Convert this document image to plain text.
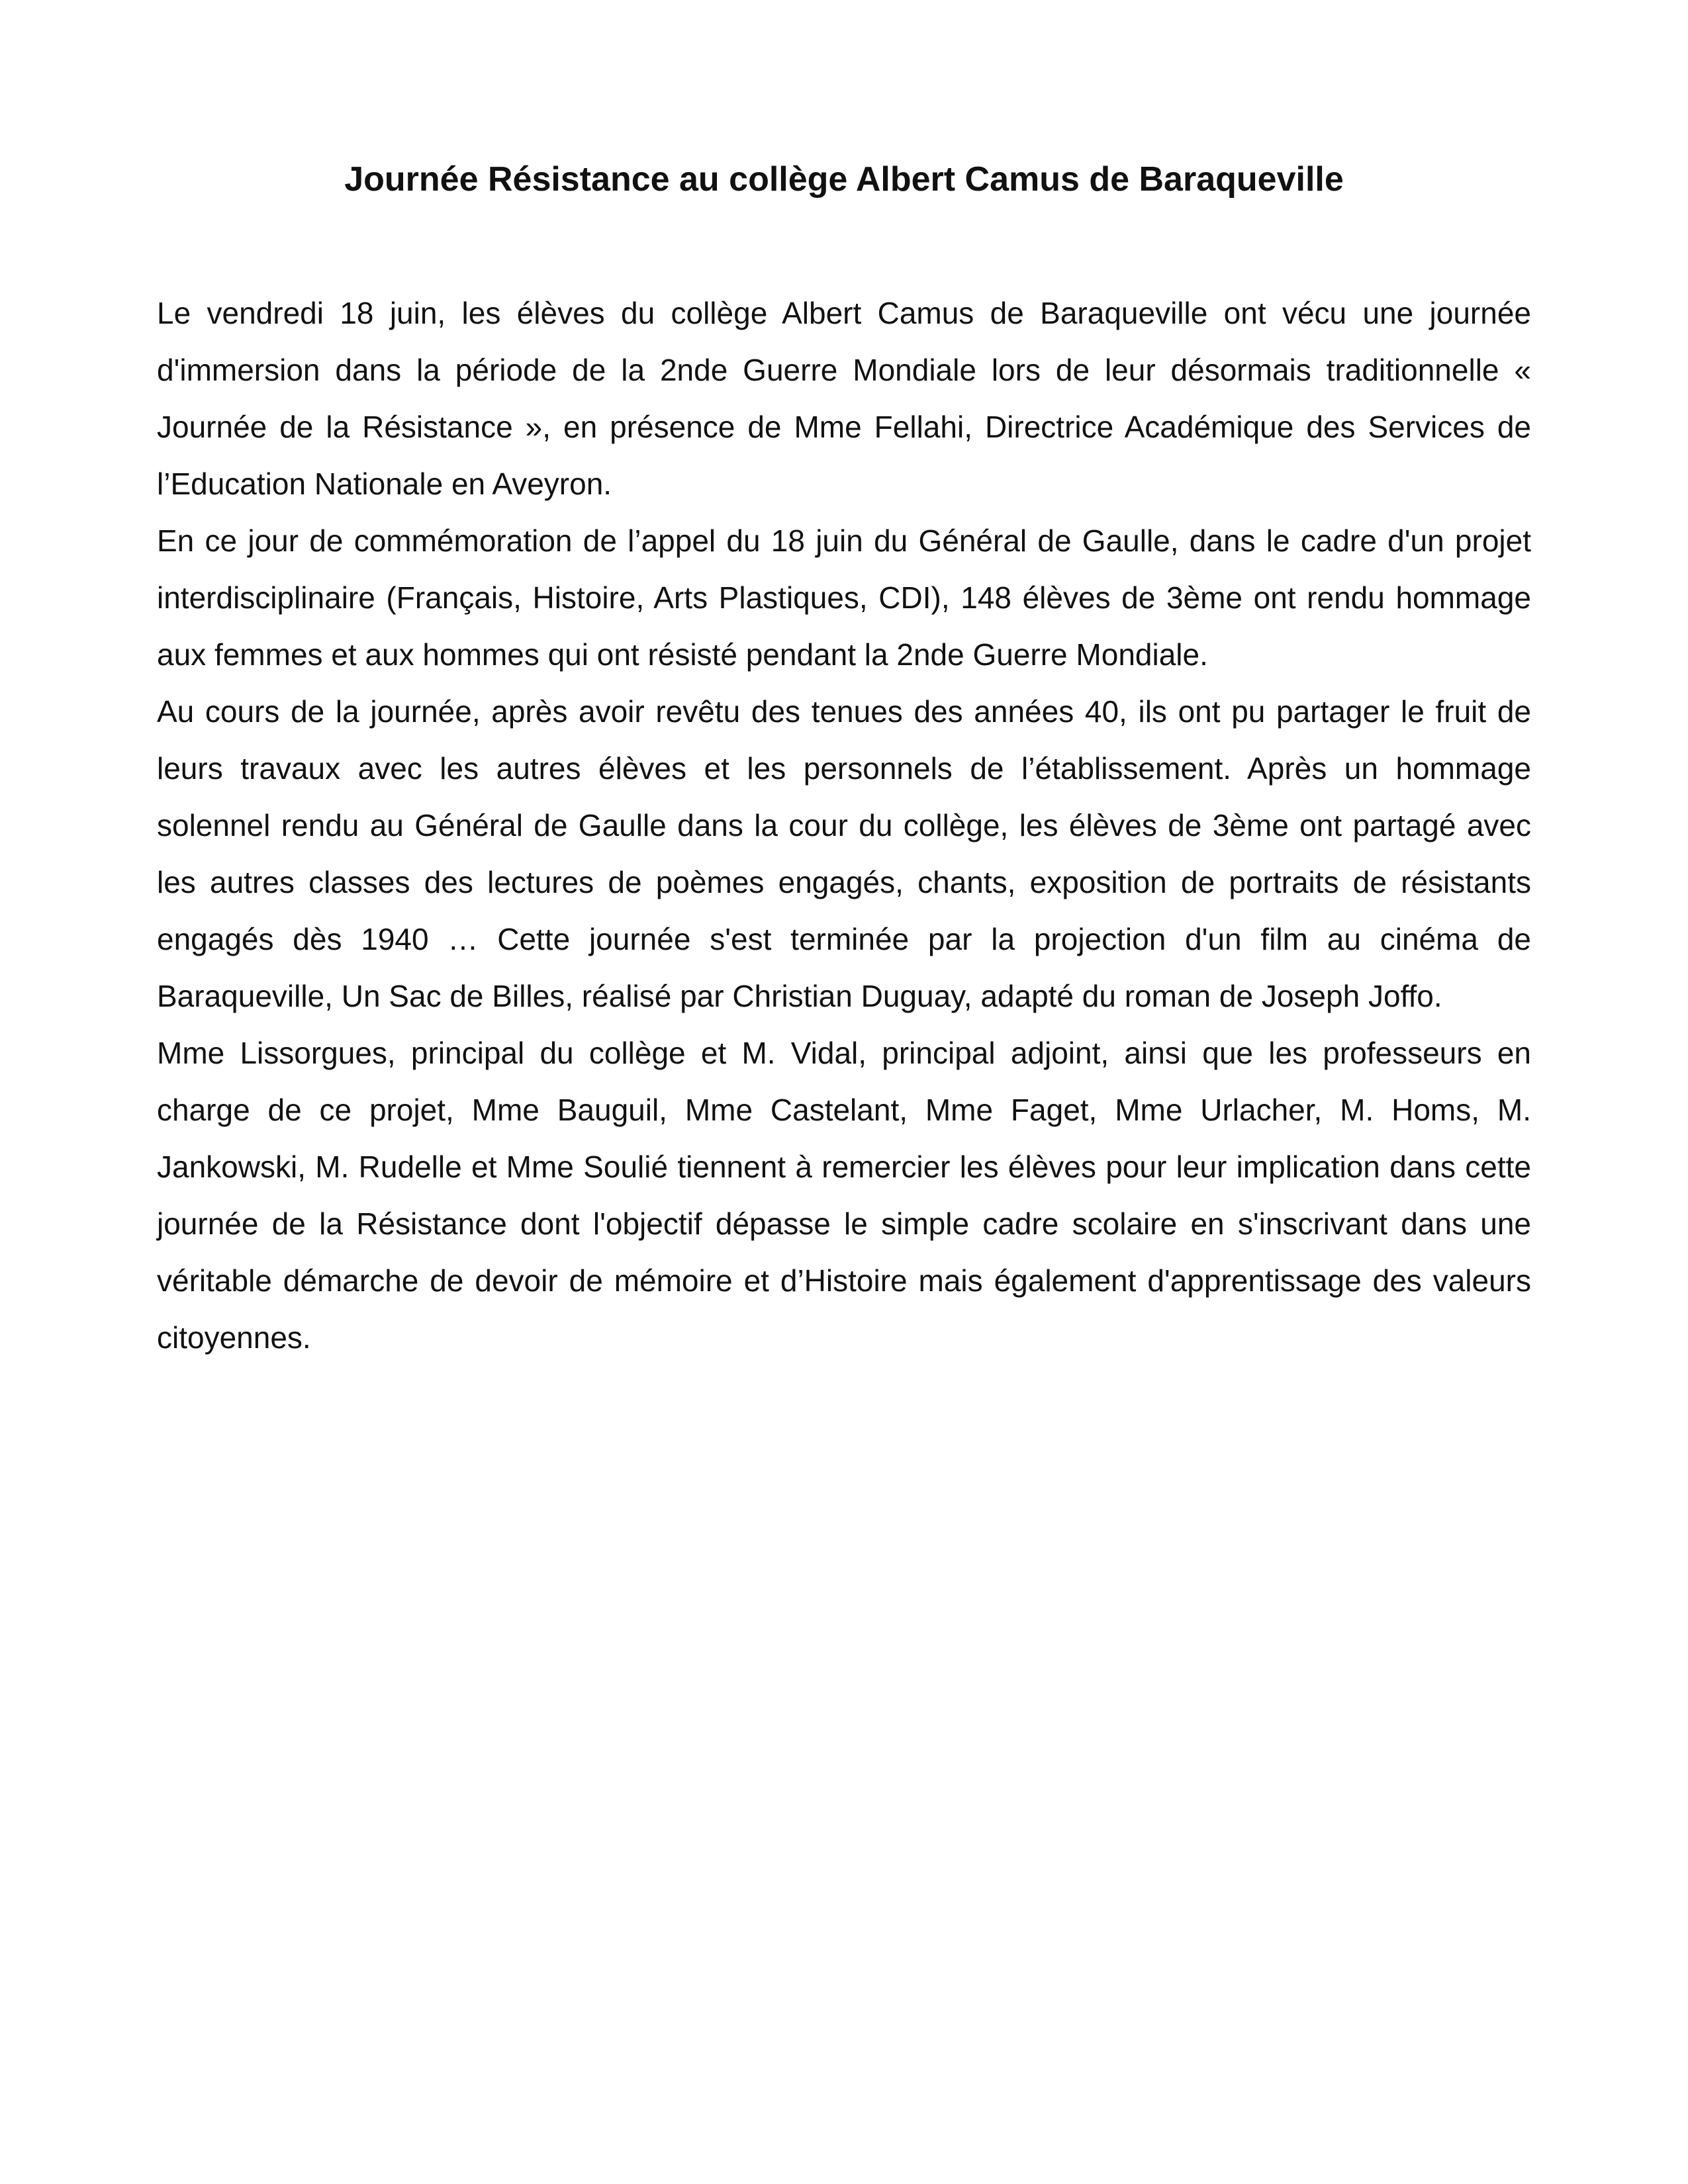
Journée Résistance au collège Albert Camus de Baraqueville

Le vendredi 18 juin, les élèves du collège Albert Camus de Baraqueville ont vécu une journée d'immersion dans la période de la 2nde Guerre Mondiale lors de leur désormais traditionnelle « Journée de la Résistance », en présence de Mme Fellahi, Directrice Académique des Services de l’Education Nationale en Aveyron.

En ce jour de commémoration de l’appel du 18 juin du Général de Gaulle, dans le cadre d'un projet interdisciplinaire (Français, Histoire, Arts Plastiques, CDI), 148 élèves de 3ème ont rendu hommage aux femmes et aux hommes qui ont résisté pendant la 2nde Guerre Mondiale.

Au cours de la journée, après avoir revêtu des tenues des années 40, ils ont pu partager le fruit de leurs travaux avec les autres élèves et les personnels de l’établissement. Après un hommage solennel rendu au Général de Gaulle dans la cour du collège, les élèves de 3ème ont partagé avec les autres classes des lectures de poèmes engagés, chants, exposition de portraits de résistants engagés dès 1940 … Cette journée s'est terminée par la projection d'un film au cinéma de Baraqueville, Un Sac de Billes, réalisé par Christian Duguay, adapté du roman de Joseph Joffo.

Mme Lissorgues, principal du collège et M. Vidal, principal adjoint, ainsi que les professeurs en charge de ce projet, Mme Bauguil, Mme Castelant, Mme Faget, Mme Urlacher, M. Homs, M. Jankowski, M. Rudelle et Mme Soulié tiennent à remercier les élèves pour leur implication dans cette journée de la Résistance dont l'objectif dépasse le simple cadre scolaire en s'inscrivant dans une véritable démarche de devoir de mémoire et d’Histoire mais également d'apprentissage des valeurs citoyennes.
